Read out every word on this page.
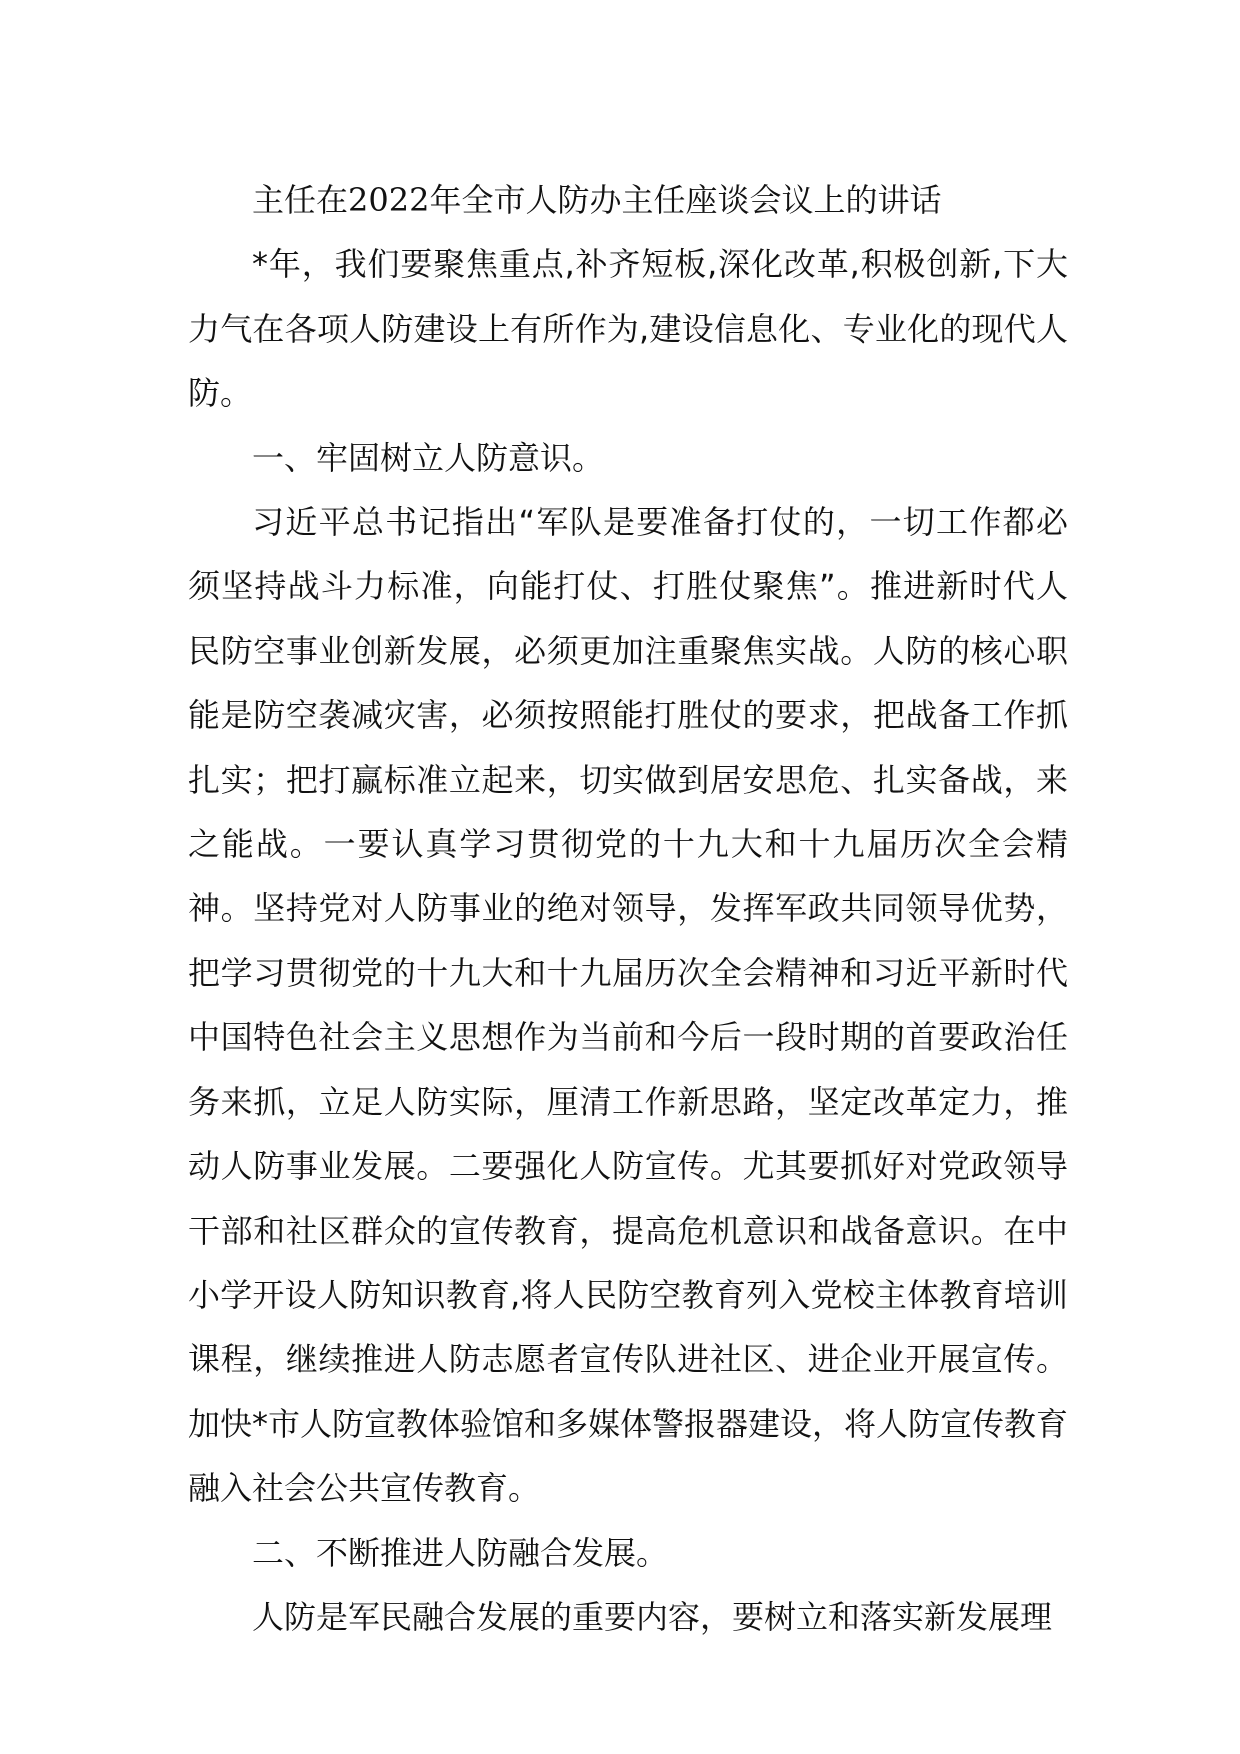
主任在2022年全市人防办主任座谈会议上的讲话

*年，我们要聚焦重点,补齐短板,深化改革,积极创新,下大力气在各项人防建设上有所作为,建设信息化、专业化的现代人防。

一、牢固树立人防意识。

习近平总书记指出“军队是要准备打仗的，一切工作都必须坚持战斗力标准，向能打仗、打胜仗聚焦”。推进新时代人民防空事业创新发展，必须更加注重聚焦实战。人防的核心职能是防空袭减灾害，必须按照能打胜仗的要求，把战备工作抓扎实；把打赢标准立起来，切实做到居安思危、扎实备战，来之能战。一要认真学习贯彻党的十九大和十九届历次全会精神。坚持党对人防事业的绝对领导，发挥军政共同领导优势，把学习贯彻党的十九大和十九届历次全会精神和习近平新时代中国特色社会主义思想作为当前和今后一段时期的首要政治任务来抓，立足人防实际，厘清工作新思路，坚定改革定力，推动人防事业发展。二要强化人防宣传。尤其要抓好对党政领导干部和社区群众的宣传教育，提高危机意识和战备意识。在中小学开设人防知识教育,将人民防空教育列入党校主体教育培训课程，继续推进人防志愿者宣传队进社区、进企业开展宣传。加快*市人防宣教体验馆和多媒体警报器建设，将人防宣传教育融入社会公共宣传教育。

二、不断推进人防融合发展。

人防是军民融合发展的重要内容，要树立和落实新发展理
